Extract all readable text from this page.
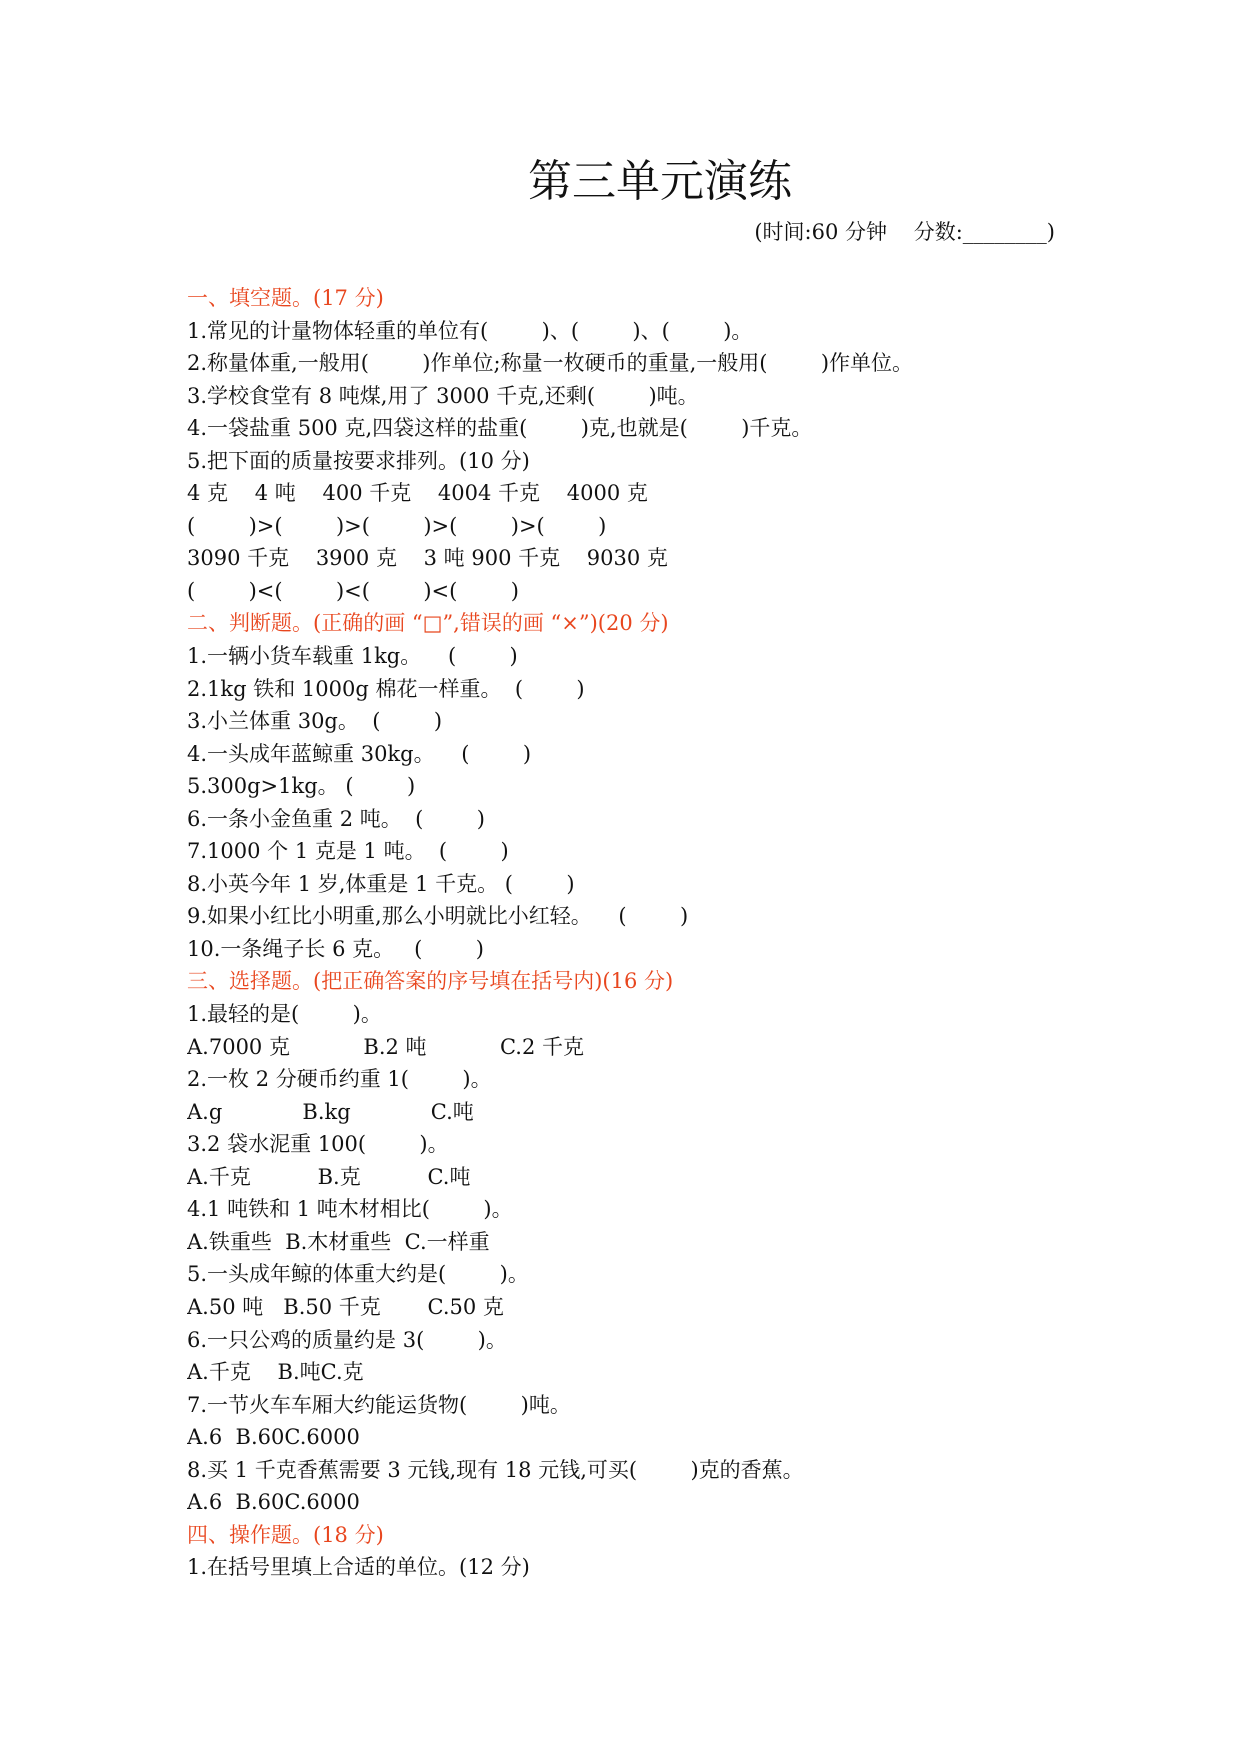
第三单元演练
(时间:60 分钟    分数:________)
一、填空题。(17 分)
1.常见的计量物体轻重的单位有(        )、(        )、(        )。
2.称量体重,一般用(        )作单位;称量一枚硬币的重量,一般用(        )作单位。
3.学校食堂有 8 吨煤,用了 3000 千克,还剩(        )吨。
4.一袋盐重 500 克,四袋这样的盐重(        )克,也就是(        )千克。
5.把下面的质量按要求排列。(10 分)
4 克    4 吨    400 千克    4004 千克    4000 克
(        )>(        )>(        )>(        )>(        )
3090 千克    3900 克    3 吨 900 千克    9030 克
(        )<(        )<(        )<(        )
二、判断题。(正确的画 “□”,错误的画 “×”)(20 分)
1.一辆小货车载重 1kg。    (        )
2.1kg 铁和 1000g 棉花一样重。  (        )
3.小兰体重 30g。  (        )
4.一头成年蓝鲸重 30kg。    (        )
5.300g>1kg。 (        )
6.一条小金鱼重 2 吨。  (        )
7.1000 个 1 克是 1 吨。  (        )
8.小英今年 1 岁,体重是 1 千克。 (        )
9.如果小红比小明重,那么小明就比小红轻。    (        )
10.一条绳子长 6 克。   (        )
三、选择题。(把正确答案的序号填在括号内)(16 分)
1.最轻的是(        )。
A.7000 克           B.2 吨           C.2 千克
2.一枚 2 分硬币约重 1(        )。
A.g            B.kg            C.吨
3.2 袋水泥重 100(        )。
A.千克          B.克          C.吨
4.1 吨铁和 1 吨木材相比(        )。
A.铁重些  B.木材重些  C.一样重
5.一头成年鲸的体重大约是(        )。
A.50 吨   B.50 千克       C.50 克
6.一只公鸡的质量约是 3(        )。
A.千克    B.吨C.克
7.一节火车车厢大约能运货物(        )吨。
A.6  B.60C.6000
8.买 1 千克香蕉需要 3 元钱,现有 18 元钱,可买(        )克的香蕉。
A.6  B.60C.6000
四、操作题。(18 分)
1.在括号里填上合适的单位。(12 分)
